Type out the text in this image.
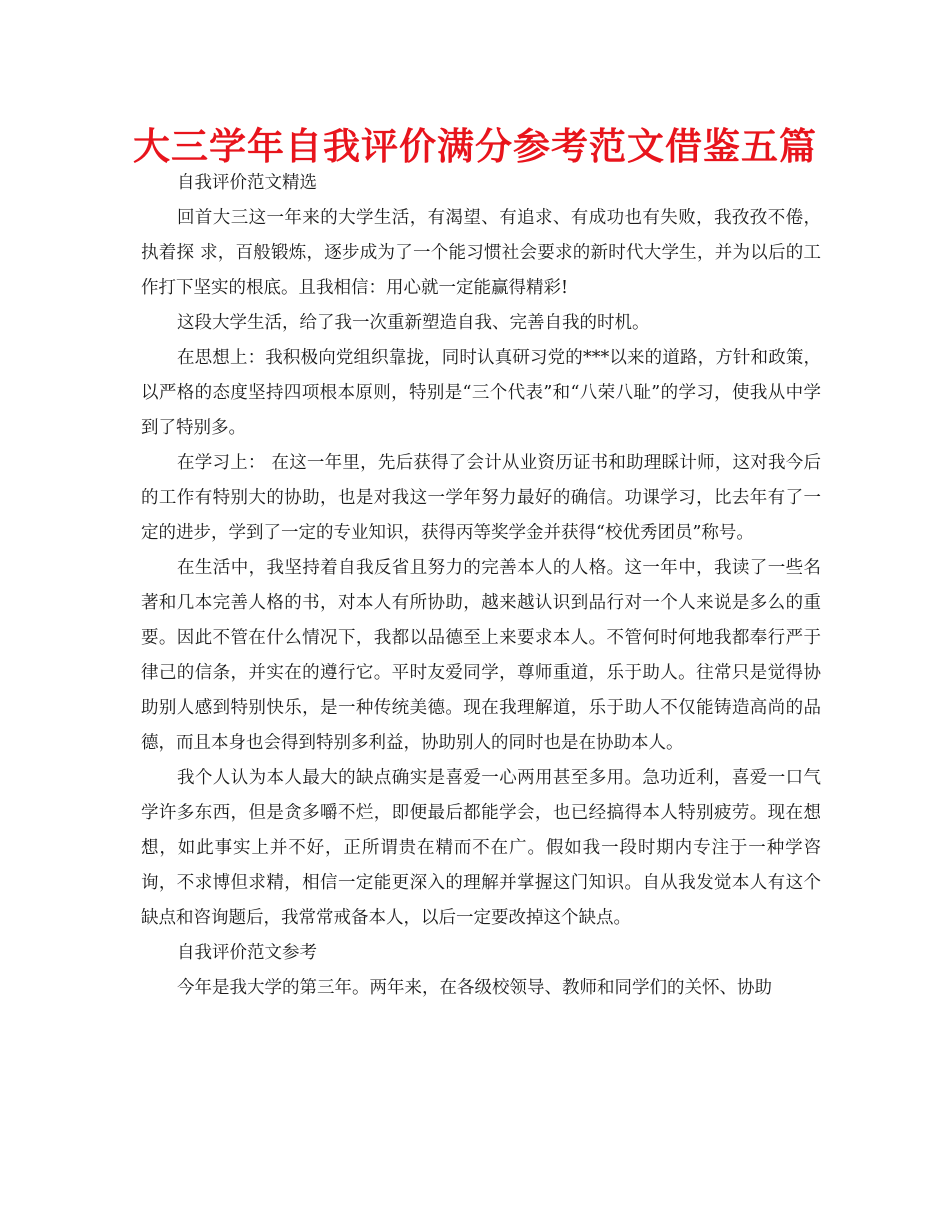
大三学年自我评价满分参考范文借鉴五篇

自我评价范文精选

回首大三这一年来的大学生活，有渴望、有追求、有成功也有失败，我孜孜不倦，执着探 求，百般锻炼，逐步成为了一个能习惯社会要求的新时代大学生，并为以后的工作打下坚实的根底。且我相信：用心就一定能赢得精彩!

这段大学生活，给了我一次重新塑造自我、完善自我的时机。

在思想上：我积极向党组织靠拢，同时认真研习党的***以来的道路，方针和政策，以严格的态度坚持四项根本原则，特别是“三个代表”和“八荣八耻”的学习，使我从中学到了特别多。

在学习上： 在这一年里，先后获得了会计从业资历证书和助理睬计师，这对我今后的工作有特别大的协助，也是对我这一学年努力最好的确信。功课学习，比去年有了一定的进步，学到了一定的专业知识，获得丙等奖学金并获得“校优秀团员”称号。

在生活中，我坚持着自我反省且努力的完善本人的人格。这一年中，我读了一些名著和几本完善人格的书，对本人有所协助，越来越认识到品行对一个人来说是多么的重要。因此不管在什么情况下，我都以品德至上来要求本人。不管何时何地我都奉行严于律己的信条，并实在的遵行它。平时友爱同学，尊师重道，乐于助人。往常只是觉得协助别人感到特别快乐，是一种传统美德。现在我理解道，乐于助人不仅能铸造高尚的品德，而且本身也会得到特别多利益，协助别人的同时也是在协助本人。

我个人认为本人最大的缺点确实是喜爱一心两用甚至多用。急功近利，喜爱一口气学许多东西，但是贪多嚼不烂，即便最后都能学会，也已经搞得本人特别疲劳。现在想想，如此事实上并不好，正所谓贵在精而不在广。假如我一段时期内专注于一种学咨询，不求博但求精，相信一定能更深入的理解并掌握这门知识。自从我发觉本人有这个缺点和咨询题后，我常常戒备本人，以后一定要改掉这个缺点。

自我评价范文参考

今年是我大学的第三年。两年来，在各级校领导、教师和同学们的关怀、协助
